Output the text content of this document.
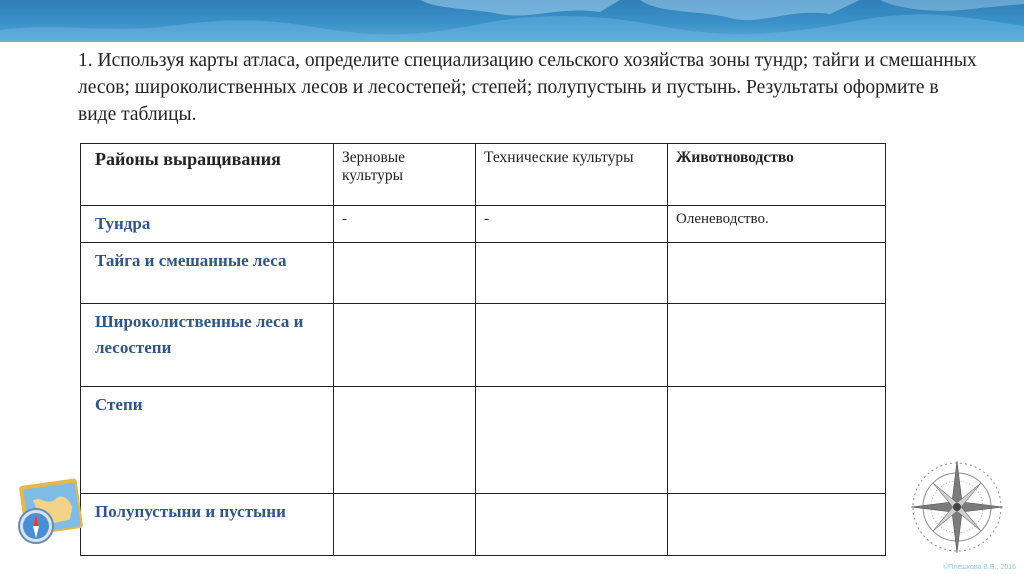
1. Используя карты атласа, определите специализацию сельского хозяйства зоны тундр; тайги и смешанных лесов; широколиственных лесов и лесостепей; степей; полупустынь и пустынь. Результаты оформите в виде таблицы.
Районы выращивания	Зерновые культуры	Технические культуры	Животноводство
Тундра	-	-	Оленеводство.
Тайга и смешанные леса			
Широколиственные леса и лесостепи			
Степи			
Полупустыни и пустыни			
©Плешкова В.В., 2016
